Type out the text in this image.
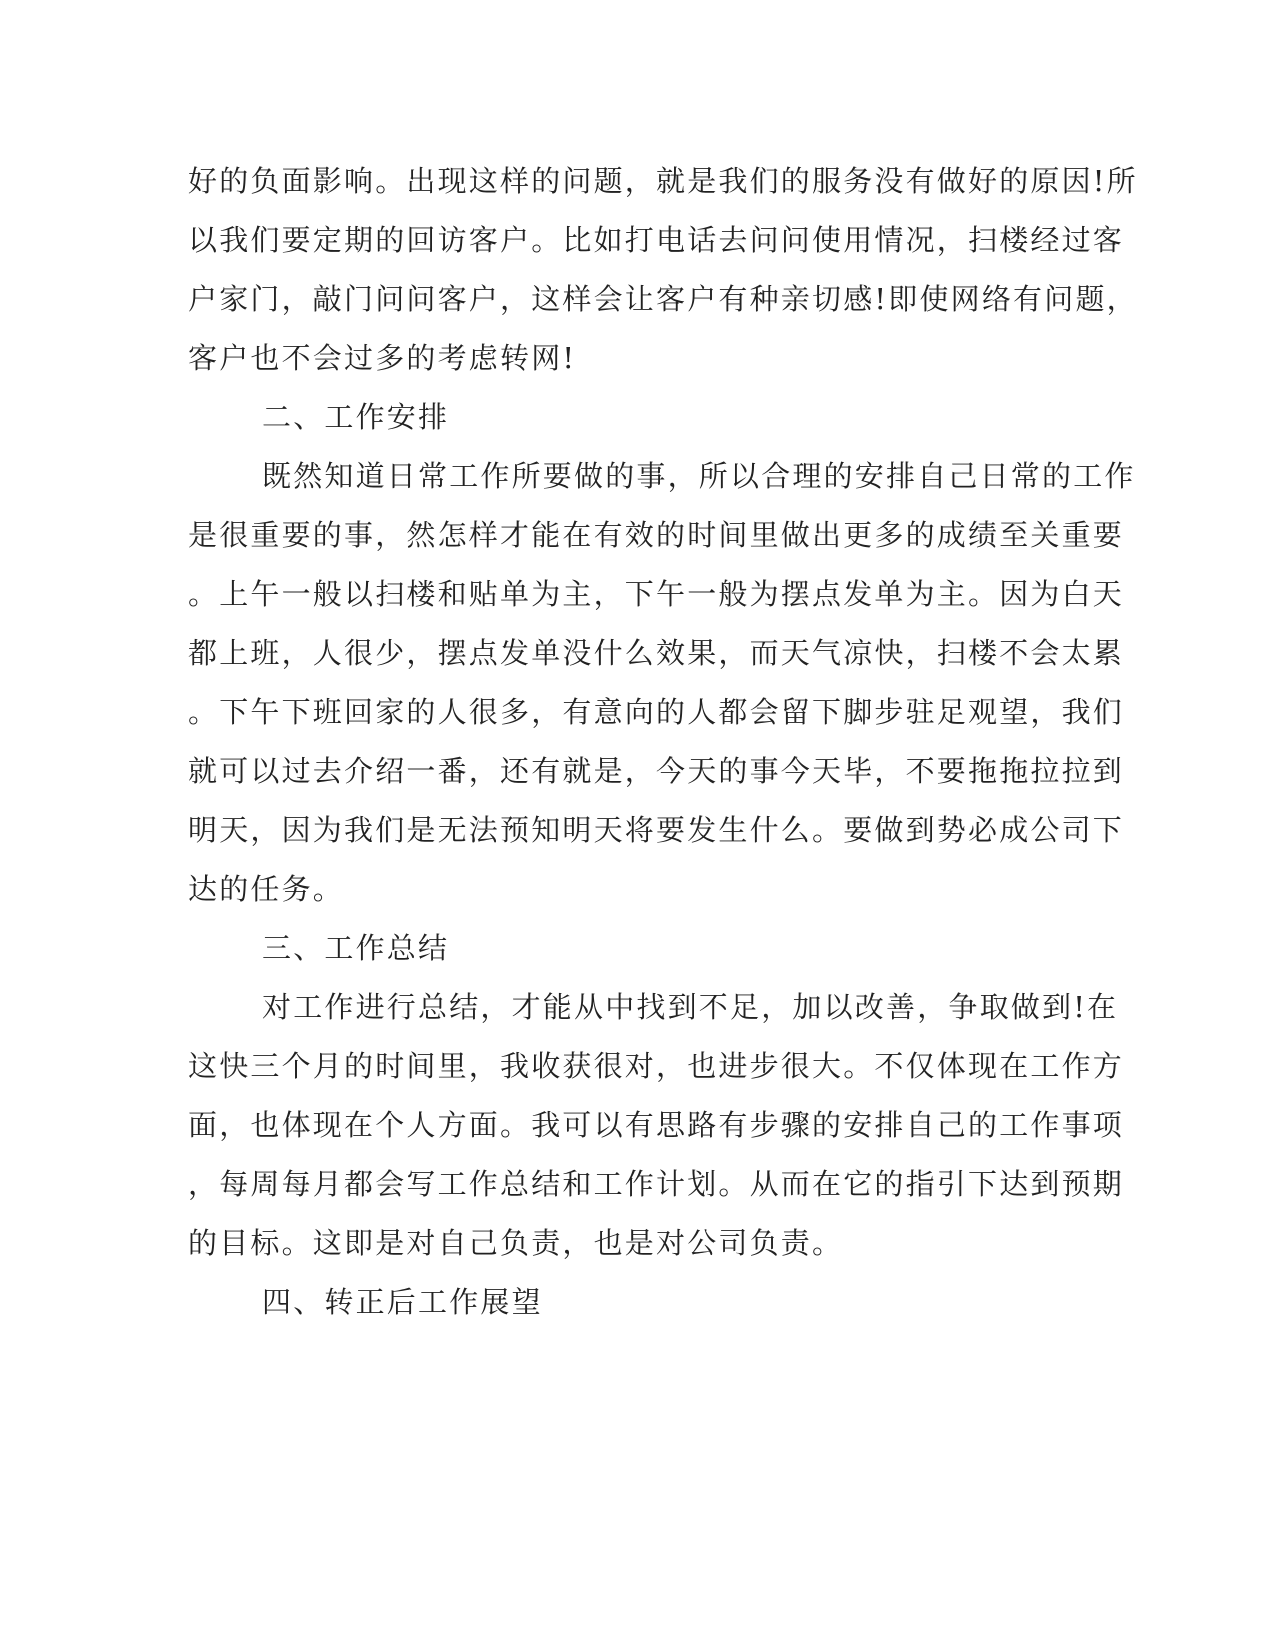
好的负面影响。出现这样的问题，就是我们的服务没有做好的原因!所
以我们要定期的回访客户。比如打电话去问问使用情况，扫楼经过客
户家门，敲门问问客户，这样会让客户有种亲切感!即使网络有问题，
客户也不会过多的考虑转网!
二、工作安排
既然知道日常工作所要做的事，所以合理的安排自己日常的工作
是很重要的事，然怎样才能在有效的时间里做出更多的成绩至关重要
。上午一般以扫楼和贴单为主，下午一般为摆点发单为主。因为白天
都上班，人很少，摆点发单没什么效果，而天气凉快，扫楼不会太累
。下午下班回家的人很多，有意向的人都会留下脚步驻足观望，我们
就可以过去介绍一番，还有就是，今天的事今天毕，不要拖拖拉拉到
明天，因为我们是无法预知明天将要发生什么。要做到势必成公司下
达的任务。
三、工作总结
对工作进行总结，才能从中找到不足，加以改善，争取做到!在
这快三个月的时间里，我收获很对，也进步很大。不仅体现在工作方
面，也体现在个人方面。我可以有思路有步骤的安排自己的工作事项
，每周每月都会写工作总结和工作计划。从而在它的指引下达到预期
的目标。这即是对自己负责，也是对公司负责。
四、转正后工作展望
